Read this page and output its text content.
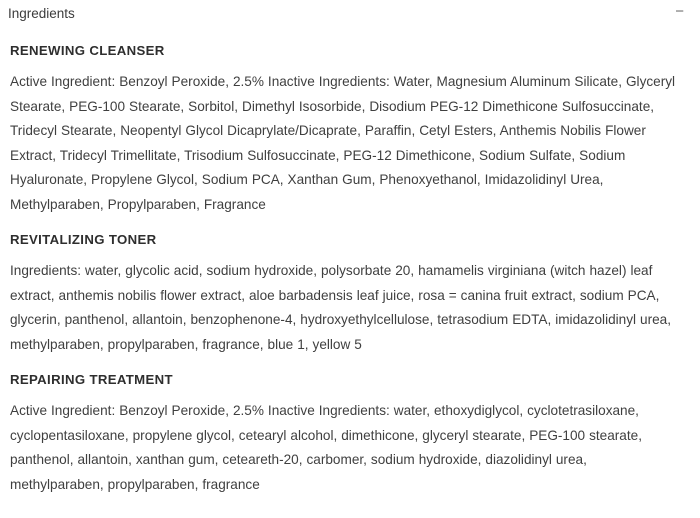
Ingredients	−
RENEWING CLEANSER

Active Ingredient: Benzoyl Peroxide, 2.5% Inactive Ingredients: Water, Magnesium Aluminum Silicate, Glyceryl Stearate, PEG-100 Stearate, Sorbitol, Dimethyl Isosorbide, Disodium PEG-12 Dimethicone Sulfosuccinate, Tridecyl Stearate, Neopentyl Glycol Dicaprylate/Dicaprate, Paraffin, Cetyl Esters, Anthemis Nobilis Flower Extract, Tridecyl Trimellitate, Trisodium Sulfosuccinate, PEG-12 Dimethicone, Sodium Sulfate, Sodium Hyaluronate, Propylene Glycol, Sodium PCA, Xanthan Gum, Phenoxyethanol, Imidazolidinyl Urea, Methylparaben, Propylparaben, Fragrance

REVITALIZING TONER

Ingredients: water, glycolic acid, sodium hydroxide, polysorbate 20, hamamelis virginiana (witch hazel) leaf extract, anthemis nobilis flower extract, aloe barbadensis leaf juice, rosa = canina fruit extract, sodium PCA, glycerin, panthenol, allantoin, benzophenone-4, hydroxyethylcellulose, tetrasodium EDTA, imidazolidinyl urea, methylparaben, propylparaben, fragrance, blue 1, yellow 5

REPAIRING TREATMENT

Active Ingredient: Benzoyl Peroxide, 2.5% Inactive Ingredients: water, ethoxydiglycol, cyclotetrasiloxane, cyclopentasiloxane, propylene glycol, cetearyl alcohol, dimethicone, glyceryl stearate, PEG-100 stearate, panthenol, allantoin, xanthan gum, ceteareth-20, carbomer, sodium hydroxide, diazolidinyl urea, methylparaben, propylparaben, fragrance
